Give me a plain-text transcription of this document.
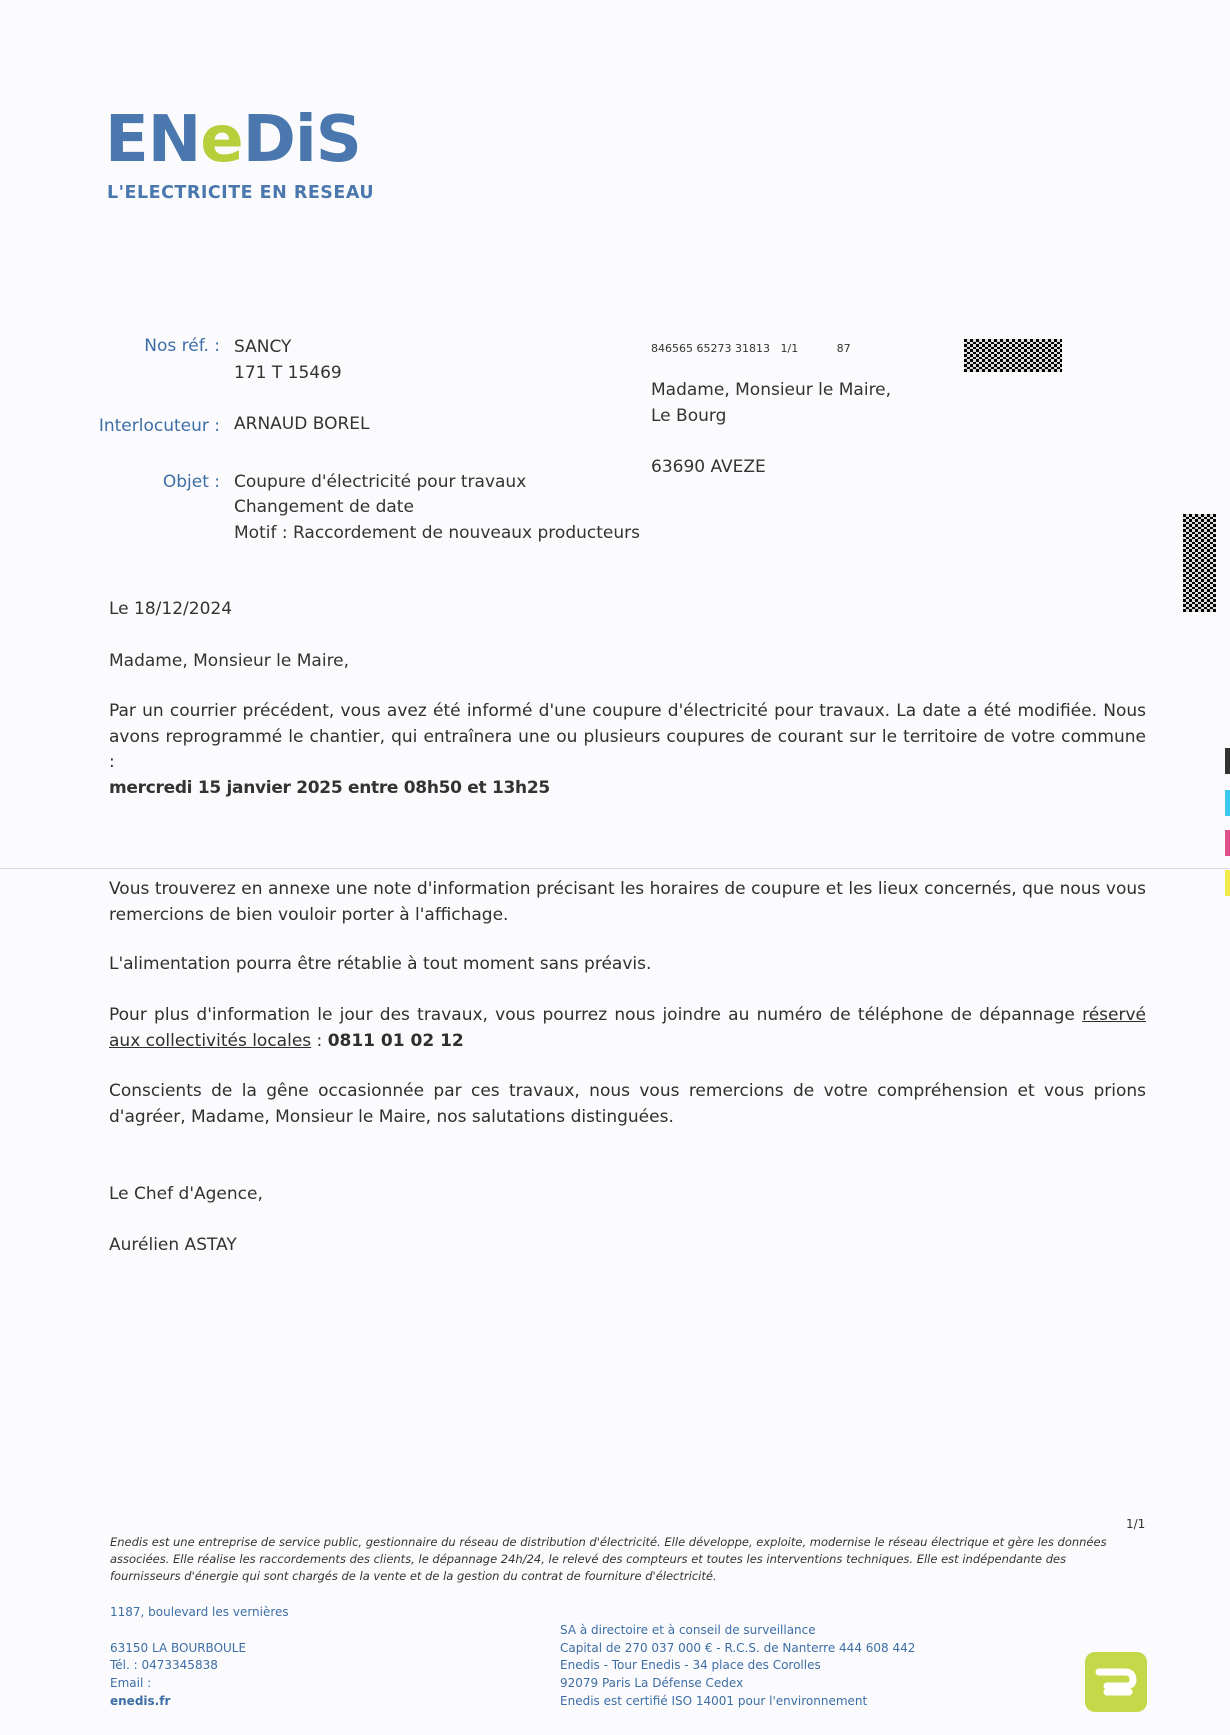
ENeDiS
L'ELECTRICITE EN RESEAU
Nos réf. : SANCY
171 T 15469
Interlocuteur : ARNAUD BOREL
Objet : Coupure d'électricité pour travaux
Changement de date
Motif : Raccordement de nouveaux producteurs
846565 65273 31813 1/1	87
Madame, Monsieur le Maire,
Le Bourg
63690 AVEZE
Le 18/12/2024
Madame, Monsieur le Maire,
Par un courrier précédent, vous avez été informé d'une coupure d'électricité pour travaux. La date a été modifiée. Nous avons reprogrammé le chantier, qui entraînera une ou plusieurs coupures de courant sur le territoire de votre commune :
mercredi 15 janvier 2025 entre 08h50 et 13h25
Vous trouverez en annexe une note d'information précisant les horaires de coupure et les lieux concernés, que nous vous remercions de bien vouloir porter à l'affichage.
L'alimentation pourra être rétablie à tout moment sans préavis.
Pour plus d'information le jour des travaux, vous pourrez nous joindre au numéro de téléphone de dépannage réservé aux collectivités locales : 0811 01 02 12
Conscients de la gêne occasionnée par ces travaux, nous vous remercions de votre compréhension et vous prions d'agréer, Madame, Monsieur le Maire, nos salutations distinguées.
Le Chef d'Agence,
Aurélien ASTAY
1/1
Enedis est une entreprise de service public, gestionnaire du réseau de distribution d'électricité. Elle développe, exploite, modernise le réseau électrique et gère les données associées. Elle réalise les raccordements des clients, le dépannage 24h/24, le relevé des compteurs et toutes les interventions techniques. Elle est indépendante des fournisseurs d'énergie qui sont chargés de la vente et de la gestion du contrat de fourniture d'électricité.
1187, boulevard les vernières
63150 LA BOURBOULE
Tél. : 0473345838
Email :
enedis.fr
SA à directoire et à conseil de surveillance
Capital de 270 037 000 € - R.C.S. de Nanterre 444 608 442
Enedis - Tour Enedis - 34 place des Corolles
92079 Paris La Défense Cedex
Enedis est certifié ISO 14001 pour l'environnement
